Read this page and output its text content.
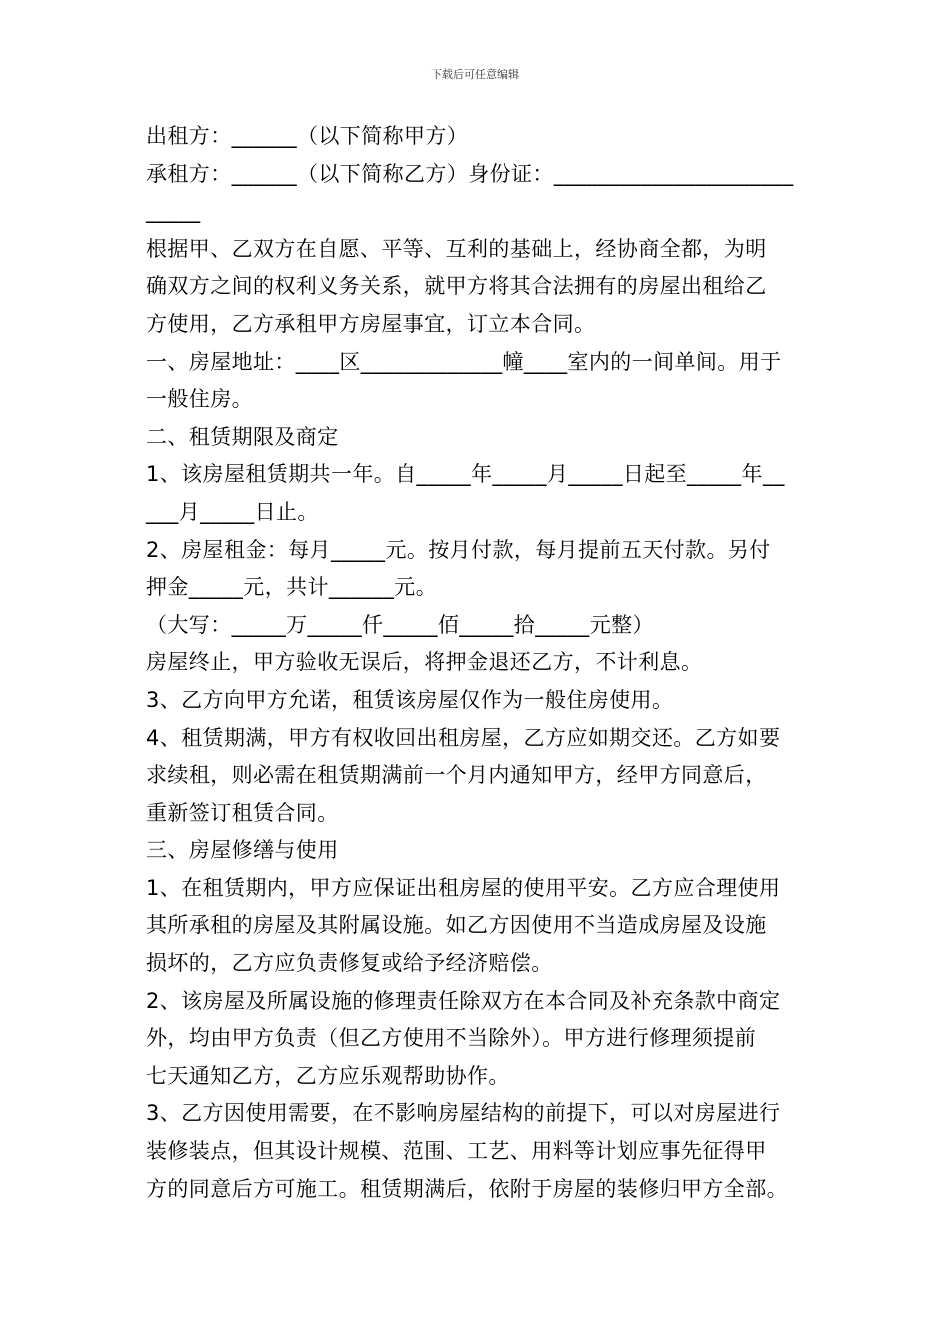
下载后可任意编辑
出租方：______（以下简称甲方）
承租方：______（以下简称乙方）身份证：______________________
_____
根据甲、乙双方在自愿、平等、互利的基础上，经协商全都，为明
确双方之间的权利义务关系，就甲方将其合法拥有的房屋出租给乙
方使用，乙方承租甲方房屋事宜，订立本合同。
一、房屋地址：____区_____________幢____室内的一间单间。用于
一般住房。
二、租赁期限及商定
1、该房屋租赁期共一年。自_____年_____月_____日起至_____年__
___月_____日止。
2、房屋租金：每月_____元。按月付款，每月提前五天付款。另付
押金_____元，共计______元。
（大写：_____万_____仟_____佰_____拾_____元整）
房屋终止，甲方验收无误后，将押金退还乙方，不计利息。
3、乙方向甲方允诺，租赁该房屋仅作为一般住房使用。
4、租赁期满，甲方有权收回出租房屋，乙方应如期交还。乙方如要
求续租，则必需在租赁期满前一个月内通知甲方，经甲方同意后，
重新签订租赁合同。
三、房屋修缮与使用
1、在租赁期内，甲方应保证出租房屋的使用平安。乙方应合理使用
其所承租的房屋及其附属设施。如乙方因使用不当造成房屋及设施
损坏的，乙方应负责修复或给予经济赔偿。
2、该房屋及所属设施的修理责任除双方在本合同及补充条款中商定
外，均由甲方负责（但乙方使用不当除外）。甲方进行修理须提前
七天通知乙方，乙方应乐观帮助协作。
3、乙方因使用需要，在不影响房屋结构的前提下，可以对房屋进行
装修装点，但其设计规模、范围、工艺、用料等计划应事先征得甲
方的同意后方可施工。租赁期满后，依附于房屋的装修归甲方全部。
